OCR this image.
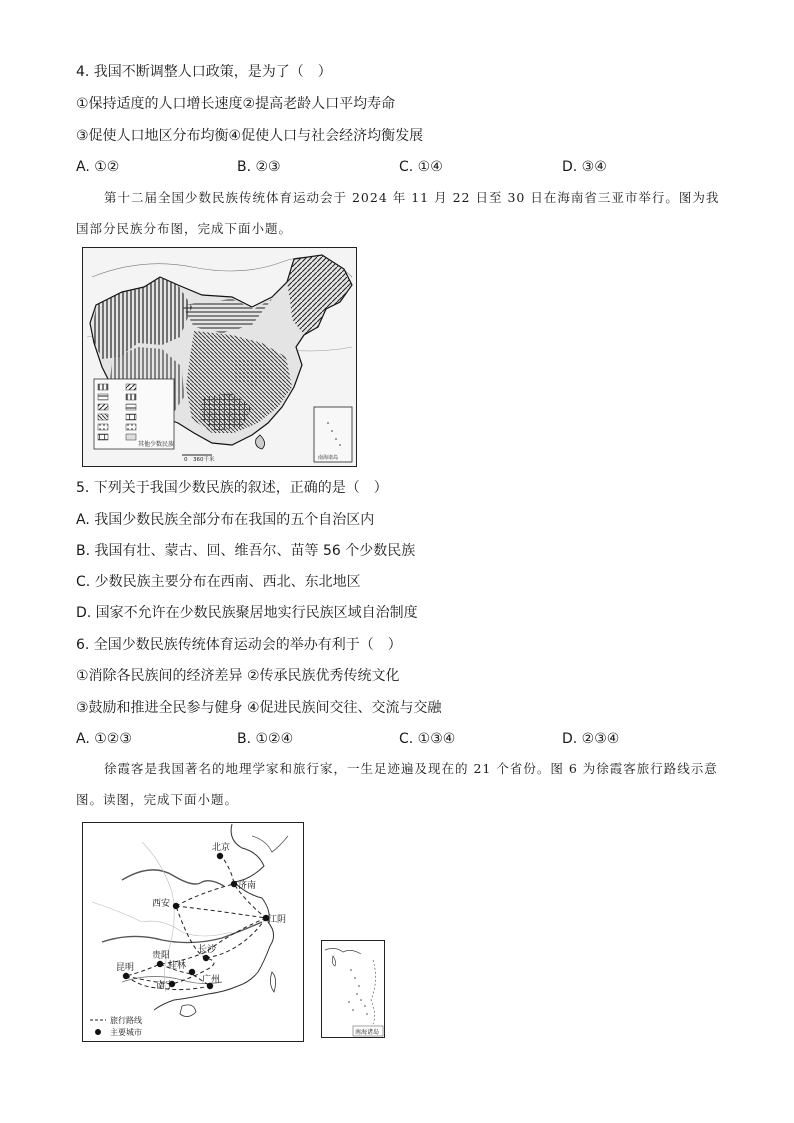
4. 我国不断调整人口政策，是为了（　）
①保持适度的人口增长速度②提高老龄人口平均寿命
③促使人口地区分布均衡④促使人口与社会经济均衡发展
A. ①②	B. ②③	C. ①④	D. ③④
第十二届全国少数民族传统体育运动会于 2024 年 11 月 22 日至 30 日在海南省三亚市举行。图为我国部分民族分布图，完成下面小题。
其他少数民族
0　360千米	南海诸岛
5. 下列关于我国少数民族的叙述，正确的是（　）
A. 我国少数民族全部分布在我国的五个自治区内
B. 我国有壮、蒙古、回、维吾尔、苗等 56 个少数民族
C. 少数民族主要分布在西南、西北、东北地区
D. 国家不允许在少数民族聚居地实行民族区域自治制度
6. 全国少数民族传统体育运动会的举办有利于（　）
①消除各民族间的经济差异 ②传承民族优秀传统文化
③鼓励和推进全民参与健身 ④促进民族间交往、交流与交融
A. ①②③	B. ①②④	C. ①③④	D. ②③④
徐霞客是我国著名的地理学家和旅行家，一生足迹遍及现在的 21 个省份。图 6 为徐霞客旅行路线示意图。读图，完成下面小题。
北京
济南
西安
江阴
贵阳
长沙
昆明	桂林
南宁
广州
旅行路线
主要城市	南海诸岛
